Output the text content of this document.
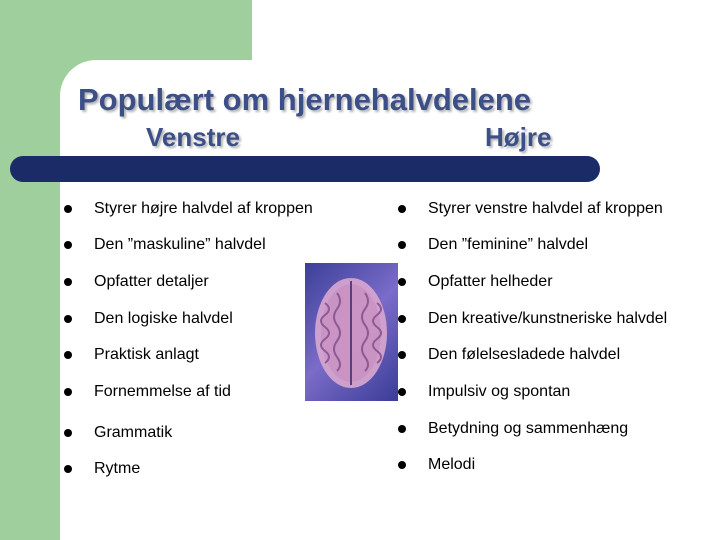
Populært om hjernehalvdelene
Venstre	Højre
Styrer højre halvdel af kroppen
Den ”maskuline” halvdel
Opfatter detaljer
Den logiske halvdel
Praktisk anlagt
Fornemmelse af tid
Grammatik
Rytme
Styrer venstre halvdel af kroppen
Den ”feminine” halvdel
Opfatter helheder
Den kreative/kunstneriske halvdel
Den følelsesladede halvdel
Impulsiv og spontan
Betydning og sammenhæng
Melodi
